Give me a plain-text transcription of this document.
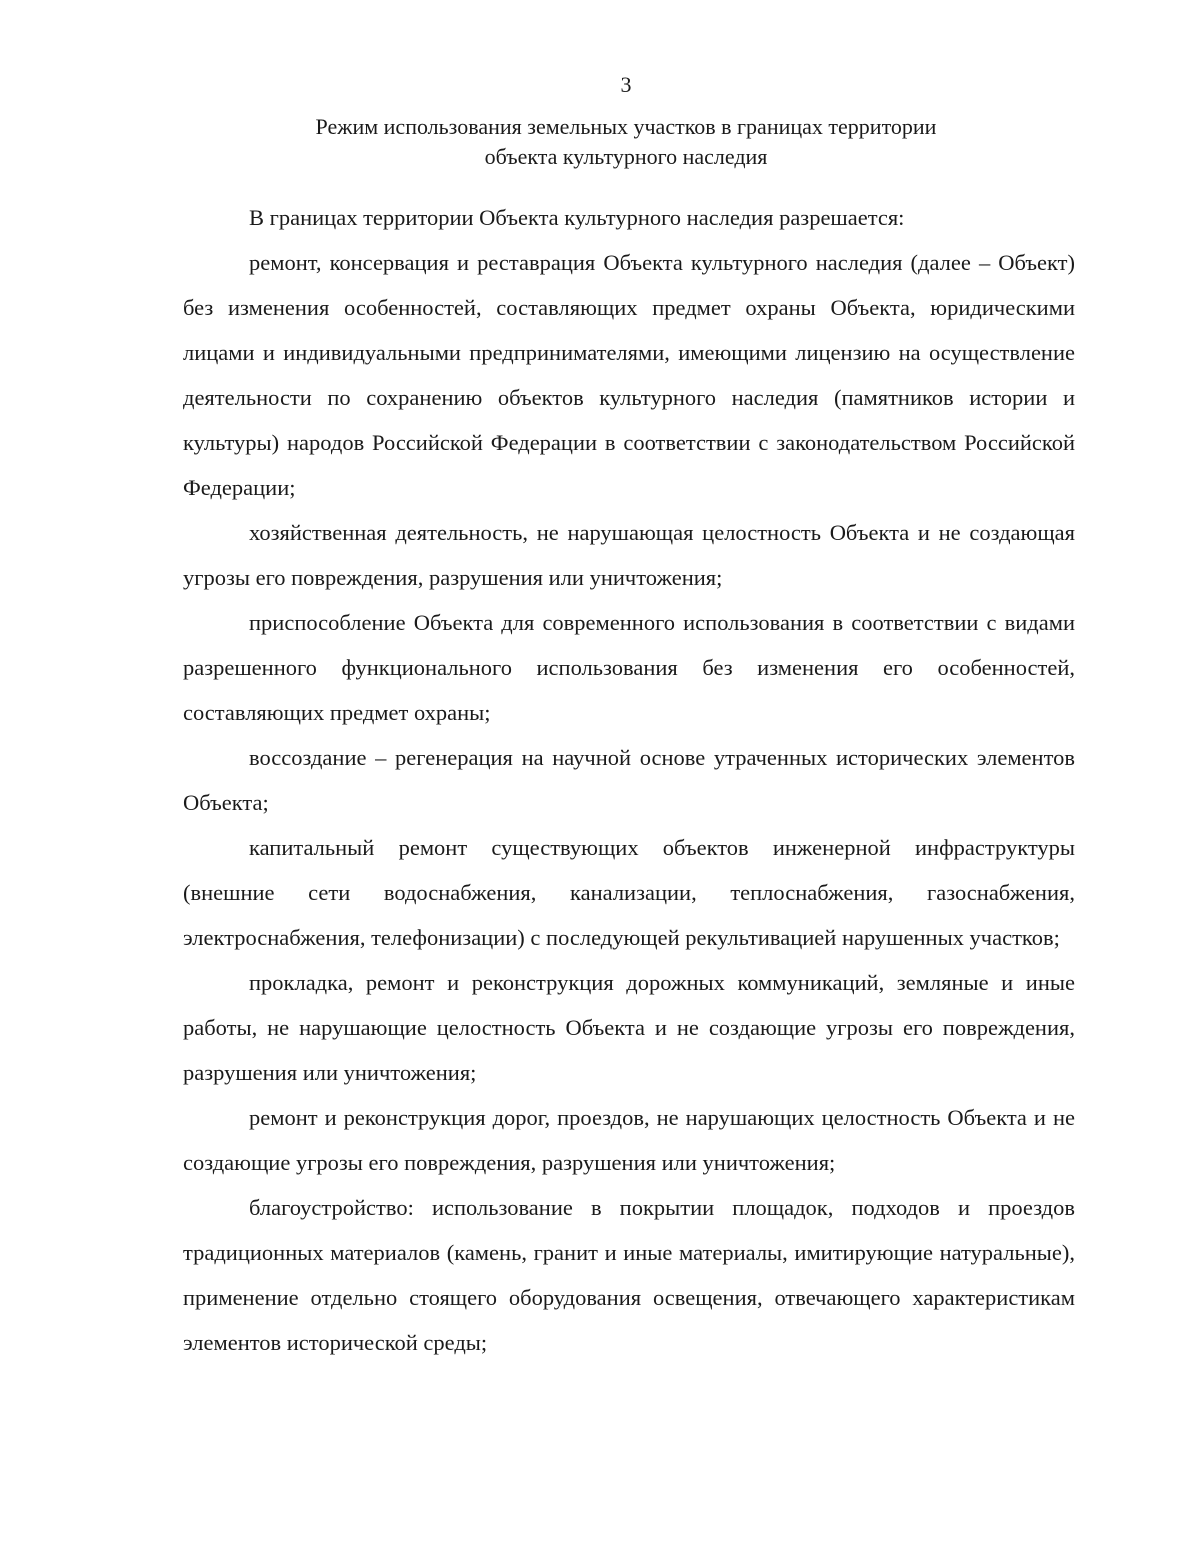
3
Режим использования земельных участков в границах территории
объекта культурного наследия

В границах территории Объекта культурного наследия разрешается:

ремонт, консервация и реставрация Объекта культурного наследия (далее – Объект) без изменения особенностей, составляющих предмет охраны Объекта, юридическими лицами и индивидуальными предпринимателями, имеющими лицензию на осуществление деятельности по сохранению объектов культурного наследия (памятников истории и культуры) народов Российской Федерации в соответствии с законодательством Российской Федерации;

хозяйственная деятельность, не нарушающая целостность Объекта и не создающая угрозы его повреждения, разрушения или уничтожения;

приспособление Объекта для современного использования в соответствии с видами разрешенного функционального использования без изменения его особенностей, составляющих предмет охраны;

воссоздание – регенерация на научной основе утраченных исторических элементов Объекта;

капитальный ремонт существующих объектов инженерной инфраструктуры (внешние сети водоснабжения, канализации, теплоснабжения, газоснабжения, электроснабжения, телефонизации) с последующей рекультивацией нарушенных участков;

прокладка, ремонт и реконструкция дорожных коммуникаций, земляные и иные работы, не нарушающие целостность Объекта и не создающие угрозы его повреждения, разрушения или уничтожения;

ремонт и реконструкция дорог, проездов, не нарушающих целостность Объекта и не создающие угрозы его повреждения, разрушения или уничтожения;

благоустройство: использование в покрытии площадок, подходов и проездов традиционных материалов (камень, гранит и иные материалы, имитирующие натуральные), применение отдельно стоящего оборудования освещения, отвечающего характеристикам элементов исторической среды;
